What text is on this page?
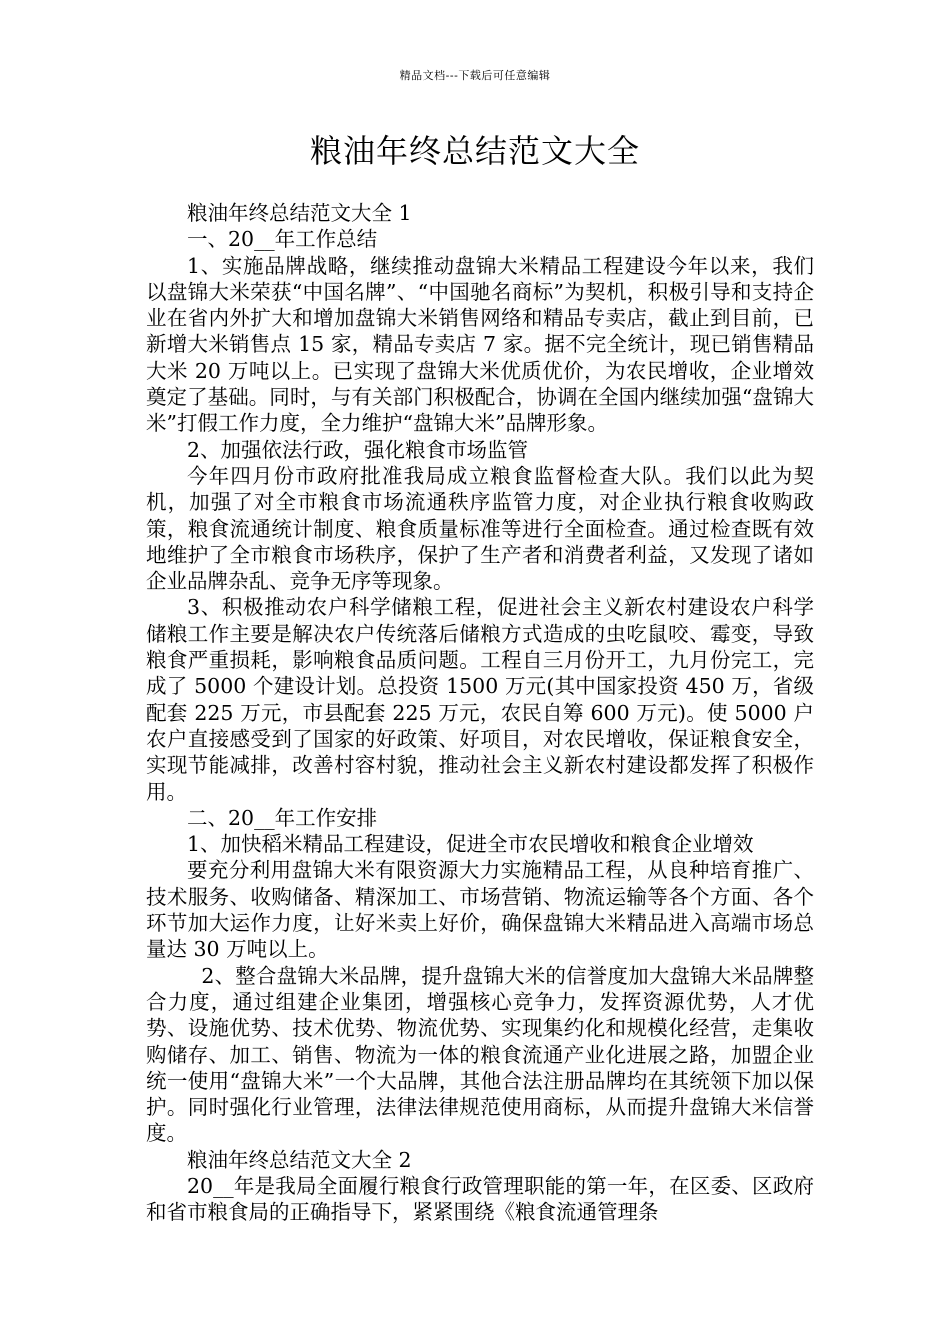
精品文档---下载后可任意编辑
粮油年终总结范文大全

粮油年终总结范文大全 1

一、20__年工作总结

1、实施品牌战略，继续推动盘锦大米精品工程建设今年以来，我们以盘锦大米荣获“中国名牌”、“中国驰名商标”为契机，积极引导和支持企业在省内外扩大和增加盘锦大米销售网络和精品专卖店，截止到目前，已新增大米销售点 15 家，精品专卖店 7 家。据不完全统计，现已销售精品大米 20 万吨以上。已实现了盘锦大米优质优价，为农民增收，企业增效奠定了基础。同时，与有关部门积极配合，协调在全国内继续加强“盘锦大米”打假工作力度，全力维护“盘锦大米”品牌形象。

2、加强依法行政，强化粮食市场监管

今年四月份市政府批准我局成立粮食监督检查大队。我们以此为契机，加强了对全市粮食市场流通秩序监管力度，对企业执行粮食收购政策，粮食流通统计制度、粮食质量标准等进行全面检查。通过检查既有效地维护了全市粮食市场秩序，保护了生产者和消费者利益，又发现了诸如企业品牌杂乱、竞争无序等现象。

3、积极推动农户科学储粮工程，促进社会主义新农村建设农户科学储粮工作主要是解决农户传统落后储粮方式造成的虫吃鼠咬、霉变，导致粮食严重损耗，影响粮食品质问题。工程自三月份开工，九月份完工，完成了 5000 个建设计划。总投资 1500 万元(其中国家投资 450 万，省级配套 225 万元，市县配套 225 万元，农民自筹 600 万元)。使 5000 户农户直接感受到了国家的好政策、好项目，对农民增收，保证粮食安全，实现节能减排，改善村容村貌，推动社会主义新农村建设都发挥了积极作用。

二、20__年工作安排

1、加快稻米精品工程建设，促进全市农民增收和粮食企业增效

要充分利用盘锦大米有限资源大力实施精品工程，从良种培育推广、技术服务、收购储备、精深加工、市场营销、物流运输等各个方面、各个环节加大运作力度，让好米卖上好价，确保盘锦大米精品进入高端市场总量达 30 万吨以上。

2、整合盘锦大米品牌，提升盘锦大米的信誉度加大盘锦大米品牌整合力度，通过组建企业集团，增强核心竞争力，发挥资源优势，人才优势、设施优势、技术优势、物流优势、实现集约化和规模化经营，走集收购储存、加工、销售、物流为一体的粮食流通产业化进展之路，加盟企业统一使用“盘锦大米”一个大品牌，其他合法注册品牌均在其统领下加以保护。同时强化行业管理，法律法律规范使用商标，从而提升盘锦大米信誉度。

粮油年终总结范文大全 2

20__年是我局全面履行粮食行政管理职能的第一年，在区委、区政府和省市粮食局的正确指导下，紧紧围绕《粮食流通管理条
